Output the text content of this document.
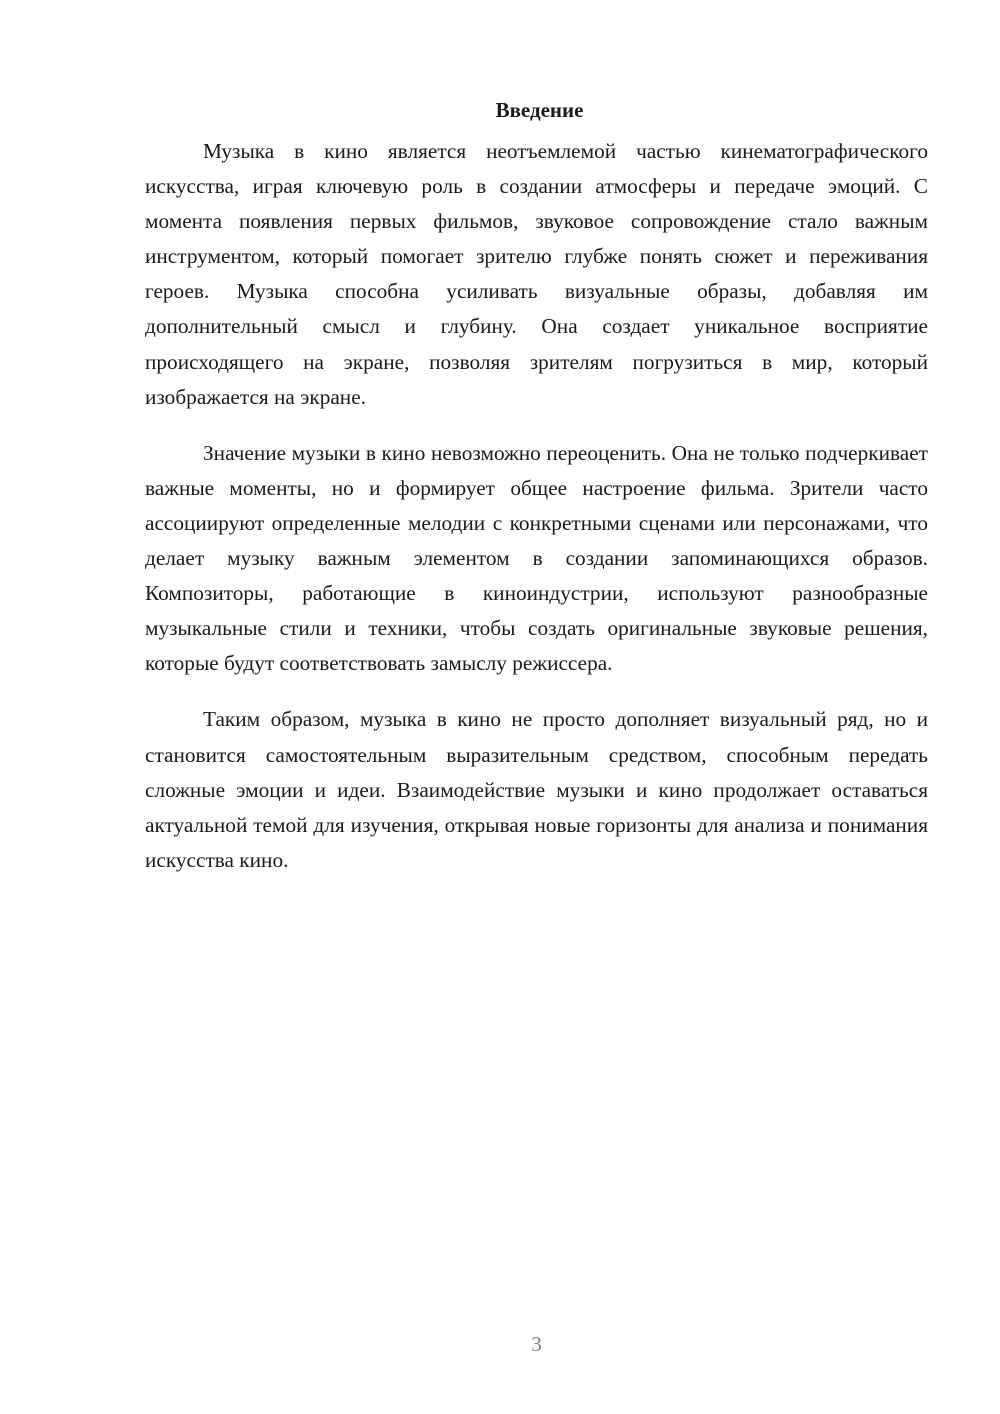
Введение

Музыка в кино является неотъемлемой частью кинематографического искусства, играя ключевую роль в создании атмосферы и передаче эмоций. С момента появления первых фильмов, звуковое сопровождение стало важным инструментом, который помогает зрителю глубже понять сюжет и переживания героев. Музыка способна усиливать визуальные образы, добавляя им дополнительный смысл и глубину. Она создает уникальное восприятие происходящего на экране, позволяя зрителям погрузиться в мир, который изображается на экране.

Значение музыки в кино невозможно переоценить. Она не только подчеркивает важные моменты, но и формирует общее настроение фильма. Зрители часто ассоциируют определенные мелодии с конкретными сценами или персонажами, что делает музыку важным элементом в создании запоминающихся образов. Композиторы, работающие в киноиндустрии, используют разнообразные музыкальные стили и техники, чтобы создать оригинальные звуковые решения, которые будут соответствовать замыслу режиссера.

Таким образом, музыка в кино не просто дополняет визуальный ряд, но и становится самостоятельным выразительным средством, способным передать сложные эмоции и идеи. Взаимодействие музыки и кино продолжает оставаться актуальной темой для изучения, открывая новые горизонты для анализа и понимания искусства кино.

3
